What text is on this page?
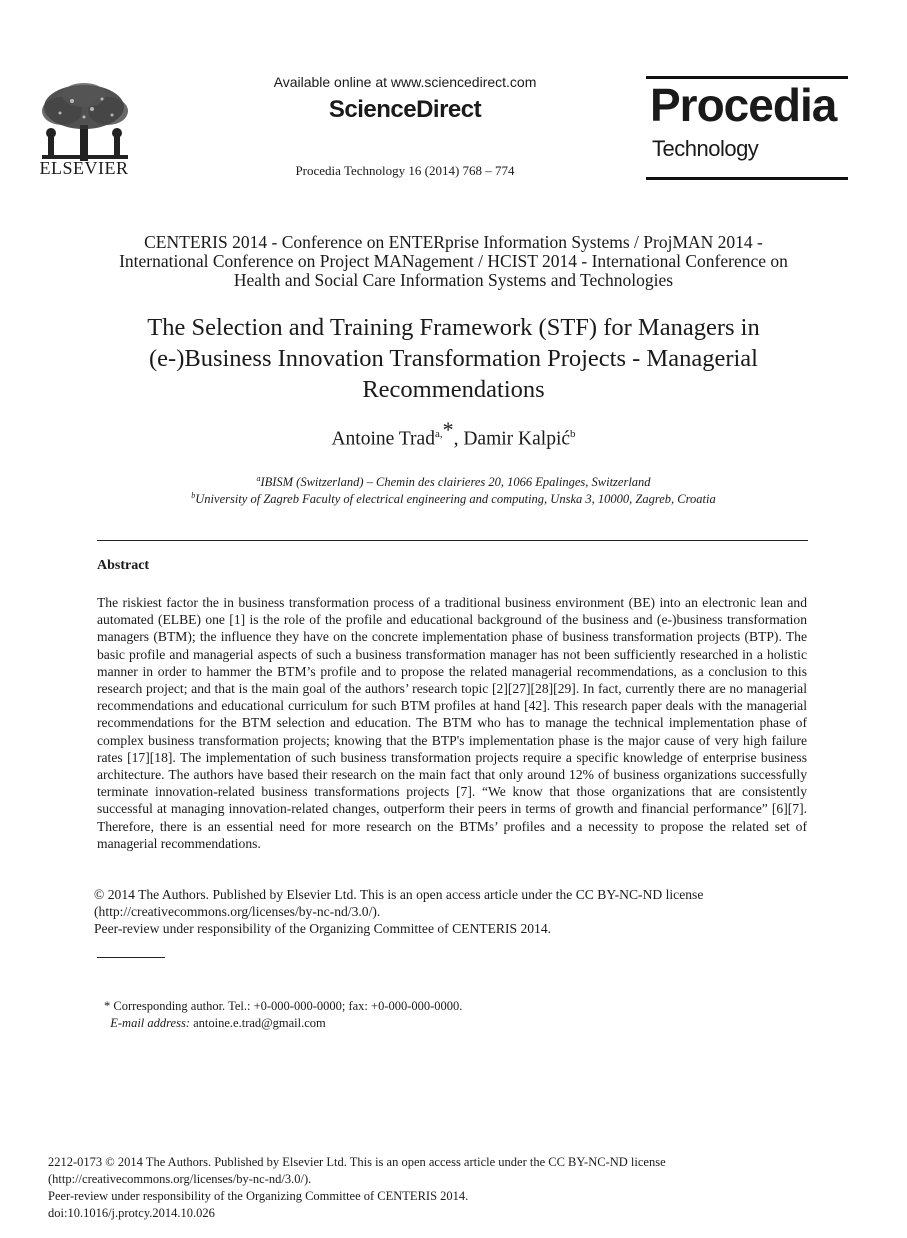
ELSEVIER
Available online at www.sciencedirect.com
ScienceDirect
Procedia Technology 16 (2014) 768 – 774
Procedia
Technology
CENTERIS 2014 - Conference on ENTERprise Information Systems / ProjMAN 2014 -
International Conference on Project MANagement / HCIST 2014 - International Conference on
Health and Social Care Information Systems and Technologies
The Selection and Training Framework (STF) for Managers in
(e-)Business Innovation Transformation Projects - Managerial
Recommendations
Antoine Trad$^{a,}$*, Damir Kalpić$^b$
$^a$IBISM (Switzerland) – Chemin des clairieres 20, 1066 Epalinges, Switzerland
$^b$University of Zagreb Faculty of electrical engineering and computing, Unska 3, 10000, Zagreb, Croatia
Abstract
The riskiest factor the in business transformation process of a traditional business environment (BE) into an electronic lean and automated (ELBE) one [1] is the role of the profile and educational background of the business and (e-)business transformation managers (BTM); the influence they have on the concrete implementation phase of business transformation projects (BTP). The basic profile and managerial aspects of such a business transformation manager has not been sufficiently researched in a holistic manner in order to hammer the BTM’s profile and to propose the related managerial recommendations, as a conclusion to this research project; and that is the main goal of the authors’ research topic [2][27][28][29]. In fact, currently there are no managerial recommendations and educational curriculum for such BTM profiles at hand [42]. This research paper deals with the managerial recommendations for the BTM selection and education. The BTM who has to manage the technical implementation phase of complex business transformation projects; knowing that the BTP's implementation phase is the major cause of very high failure rates [17][18]. The implementation of such business transformation projects require a specific knowledge of enterprise business architecture. The authors have based their research on the main fact that only around 12% of business organizations successfully terminate innovation-related business transformations projects [7]. “We know that those organizations that are consistently successful at managing innovation-related changes, outperform their peers in terms of growth and financial performance” [6][7]. Therefore, there is an essential need for more research on the BTMs’ profiles and a necessity to propose the related set of managerial recommendations.
© 2014 The Authors. Published by Elsevier Ltd. This is an open access article under the CC BY-NC-ND license
(http://creativecommons.org/licenses/by-nc-nd/3.0/).
Peer-review under responsibility of the Organizing Committee of CENTERIS 2014.
* Corresponding author. Tel.: +0-000-000-0000; fax: +0-000-000-0000.
E-mail address: antoine.e.trad@gmail.com
2212-0173 © 2014 The Authors. Published by Elsevier Ltd. This is an open access article under the CC BY-NC-ND license
(http://creativecommons.org/licenses/by-nc-nd/3.0/).
Peer-review under responsibility of the Organizing Committee of CENTERIS 2014.
doi:10.1016/j.protcy.2014.10.026
